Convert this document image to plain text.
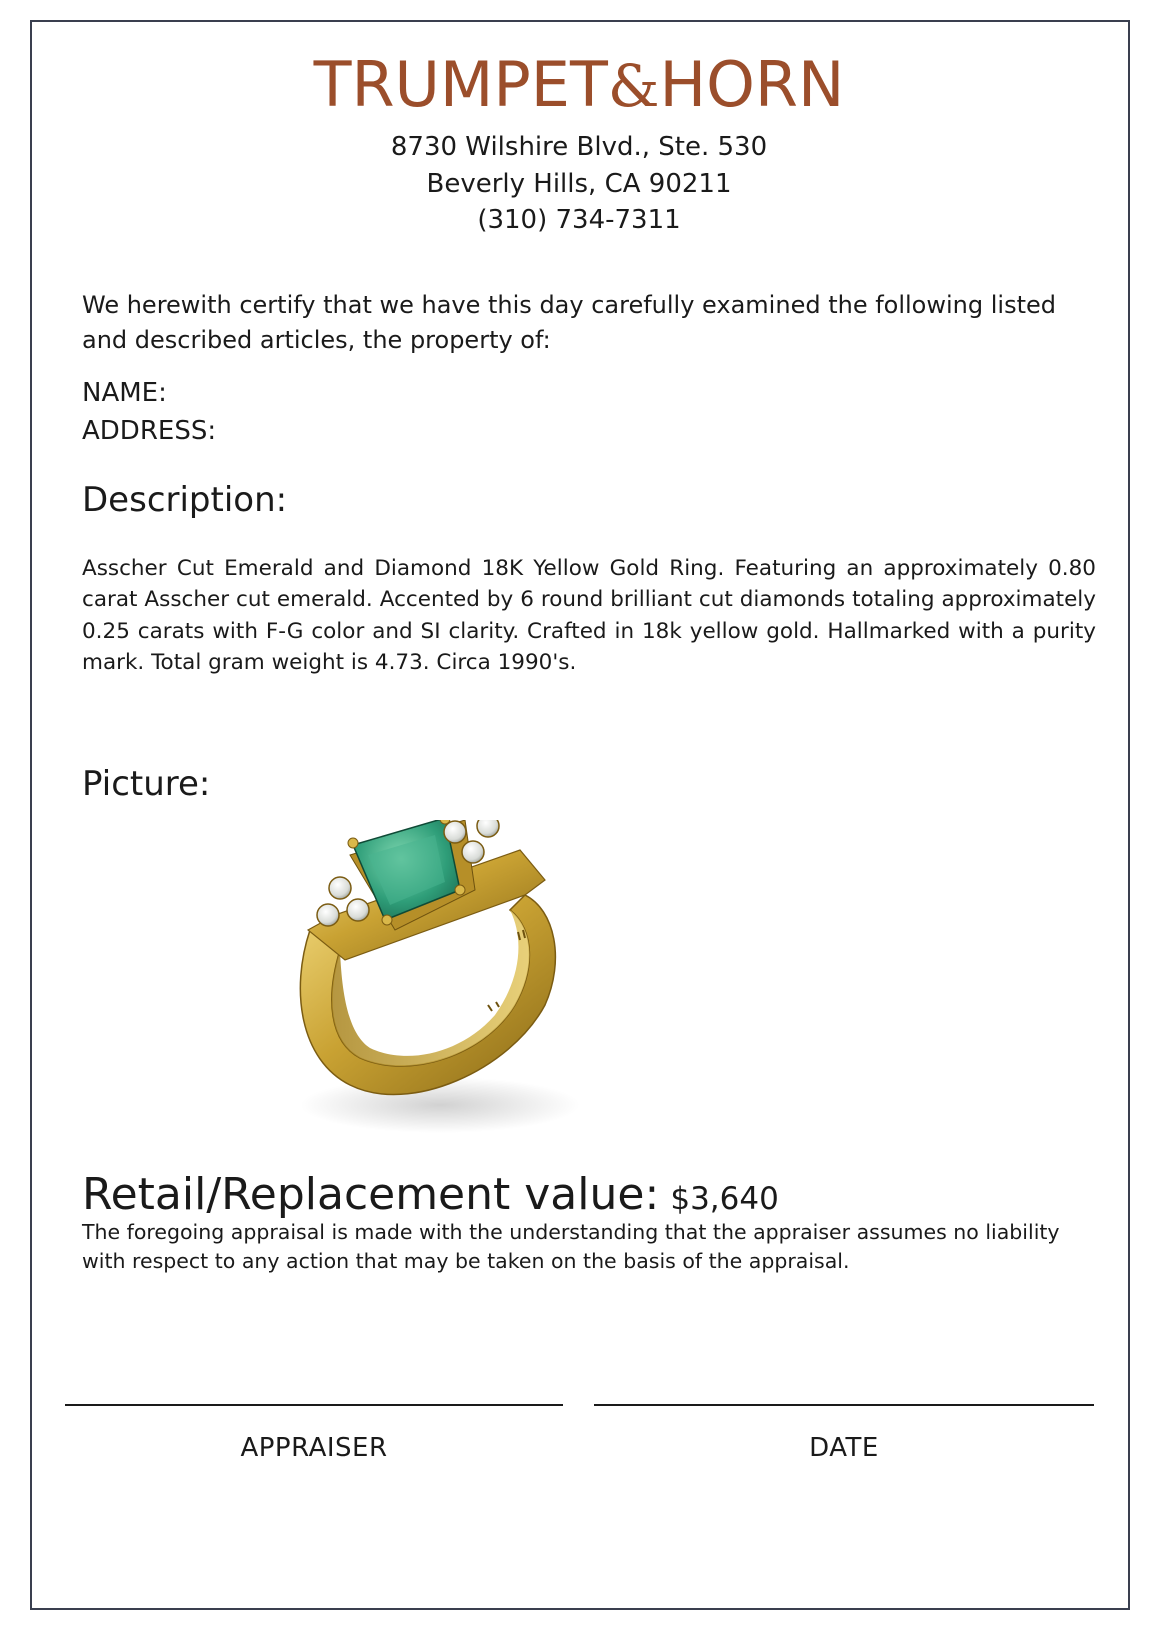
TRUMPET&HORN
8730 Wilshire Blvd., Ste. 530
Beverly Hills, CA 90211
(310) 734-7311
We herewith certify that we have this day carefully examined the following listed and described articles, the property of:
NAME:
ADDRESS:
Description:
Asscher Cut Emerald and Diamond 18K Yellow Gold Ring. Featuring an approximately 0.80 carat Asscher cut emerald. Accented by 6 round brilliant cut diamonds totaling approximately 0.25 carats with F-G color and SI clarity. Crafted in 18k yellow gold. Hallmarked with a purity mark. Total gram weight is 4.73. Circa 1990's.
Picture:
Retail/Replacement value: $3,640
The foregoing appraisal is made with the understanding that the appraiser assumes no liability with respect to any action that may be taken on the basis of the appraisal.
APPRAISER	DATE
